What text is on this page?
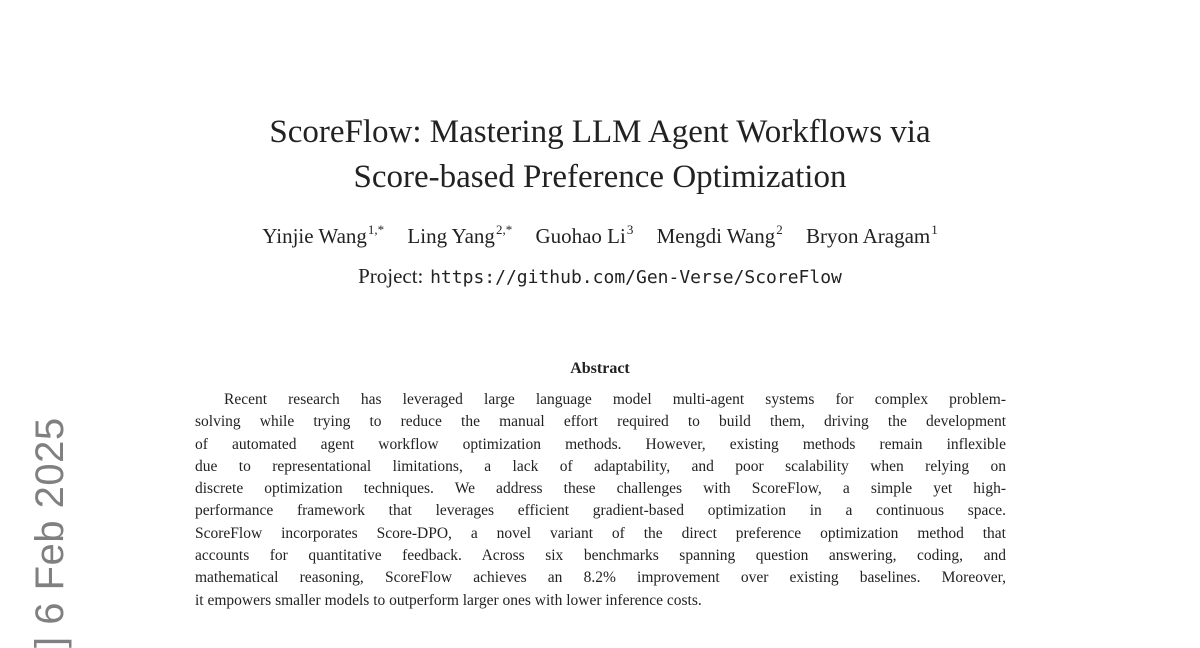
ScoreFlow: Mastering LLM Agent Workflows via
Score-based Preference Optimization
Yinjie Wang$^{1,*}$ Ling Yang$^{2,*}$ Guohao Li$^3$ Mengdi Wang$^2$ Bryon Aragam$^1$
Project: https://github.com/Gen-Verse/ScoreFlow
Abstract
Recent research has leveraged large language model multi-agent systems for complex problem-
solving while trying to reduce the manual effort required to build them, driving the development
of automated agent workflow optimization methods. However, existing methods remain inflexible
due to representational limitations, a lack of adaptability, and poor scalability when relying on
discrete optimization techniques. We address these challenges with ScoreFlow, a simple yet high-
performance framework that leverages efficient gradient-based optimization in a continuous space.
ScoreFlow incorporates Score-DPO, a novel variant of the direct preference optimization method that
accounts for quantitative feedback. Across six benchmarks spanning question answering, coding, and
mathematical reasoning, ScoreFlow achieves an 8.2% improvement over existing baselines. Moreover,
it empowers smaller models to outperform larger ones with lower inference costs.
] 6 Feb 2025
